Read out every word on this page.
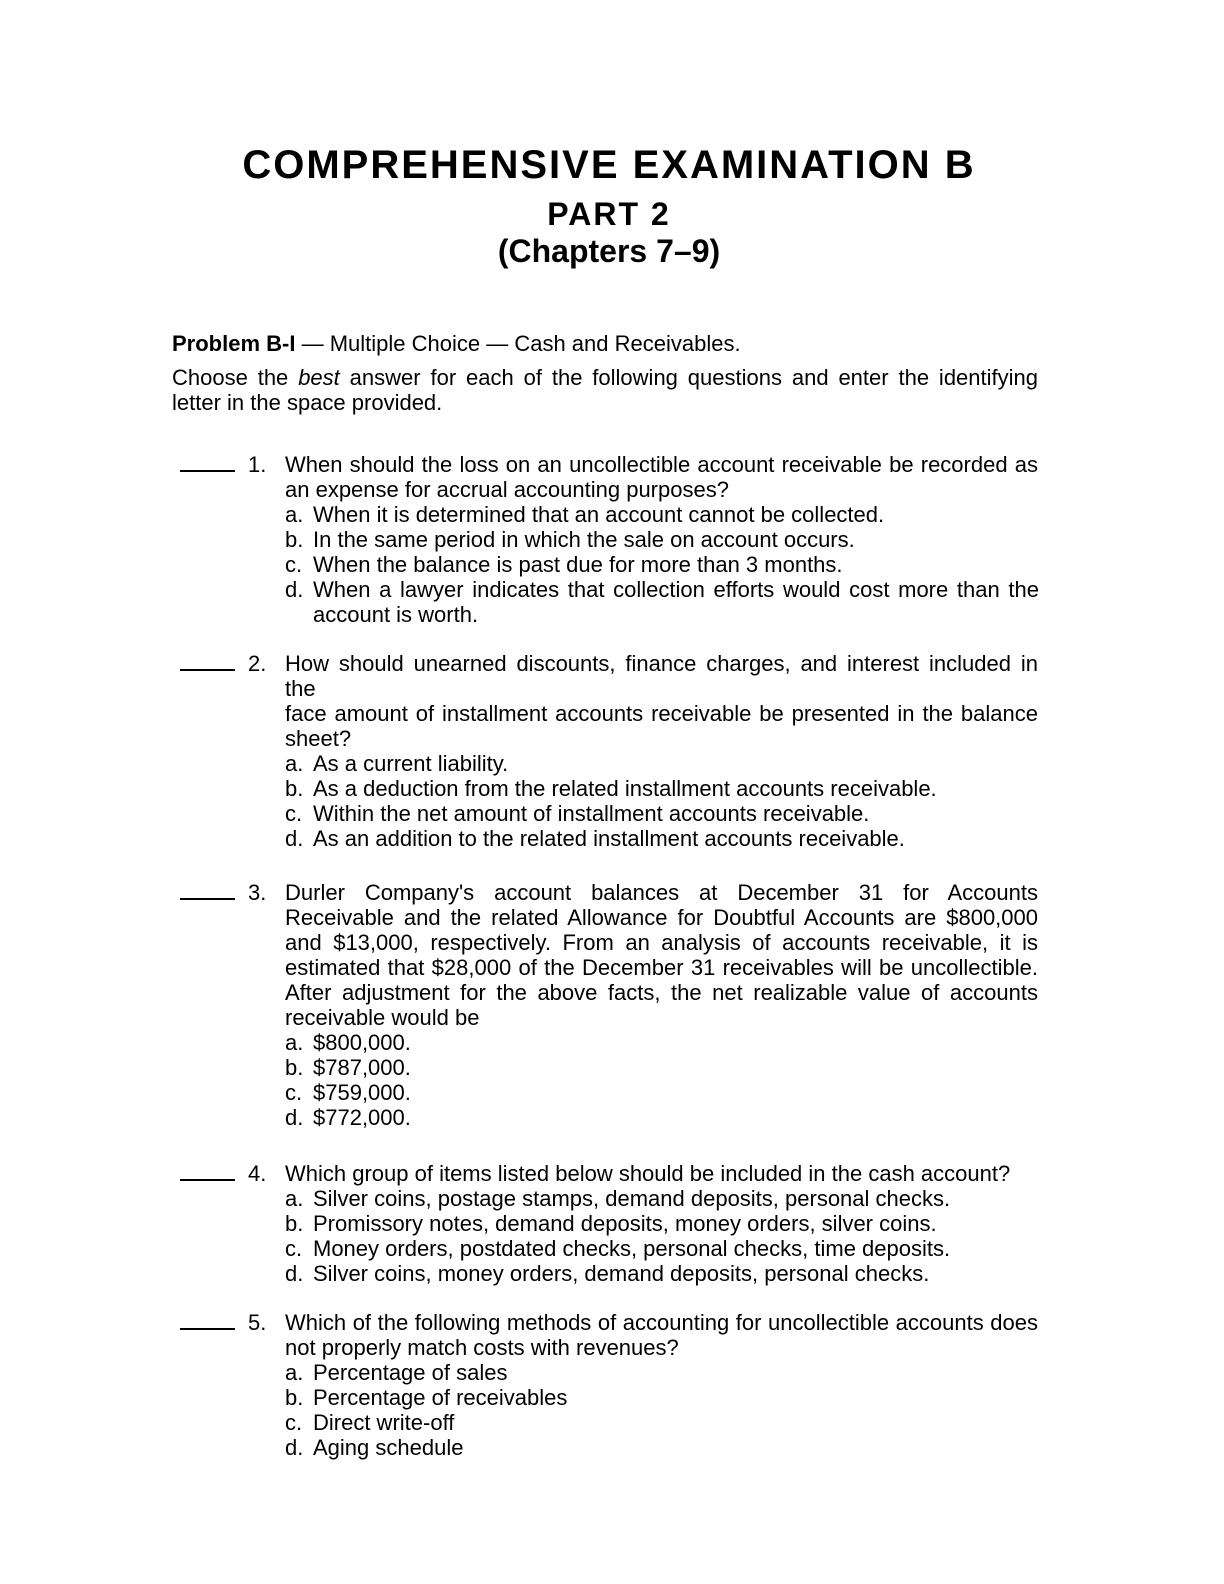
COMPREHENSIVE EXAMINATION B
PART 2
(Chapters 7–9)
Problem B-I — Multiple Choice — Cash and Receivables.
Choose the best answer for each of the following questions and enter the identifying
letter in the space provided.
1. When should the loss on an uncollectible account receivable be recorded as
an expense for accrual accounting purposes?
a. When it is determined that an account cannot be collected.
b. In the same period in which the sale on account occurs.
c. When the balance is past due for more than 3 months.
d. When a lawyer indicates that collection efforts would cost more than the
account is worth.
2. How should unearned discounts, finance charges, and interest included in the
face amount of installment accounts receivable be presented in the balance
sheet?
a. As a current liability.
b. As a deduction from the related installment accounts receivable.
c. Within the net amount of installment accounts receivable.
d. As an addition to the related installment accounts receivable.
3. Durler Company's account balances at December 31 for Accounts
Receivable and the related Allowance for Doubtful Accounts are $800,000
and $13,000, respectively. From an analysis of accounts receivable, it is
estimated that $28,000 of the December 31 receivables will be uncollectible.
After adjustment for the above facts, the net realizable value of accounts
receivable would be
a. $800,000.
b. $787,000.
c. $759,000.
d. $772,000.
4. Which group of items listed below should be included in the cash account?
a. Silver coins, postage stamps, demand deposits, personal checks.
b. Promissory notes, demand deposits, money orders, silver coins.
c. Money orders, postdated checks, personal checks, time deposits.
d. Silver coins, money orders, demand deposits, personal checks.
5. Which of the following methods of accounting for uncollectible accounts does
not properly match costs with revenues?
a. Percentage of sales
b. Percentage of receivables
c. Direct write-off
d. Aging schedule
